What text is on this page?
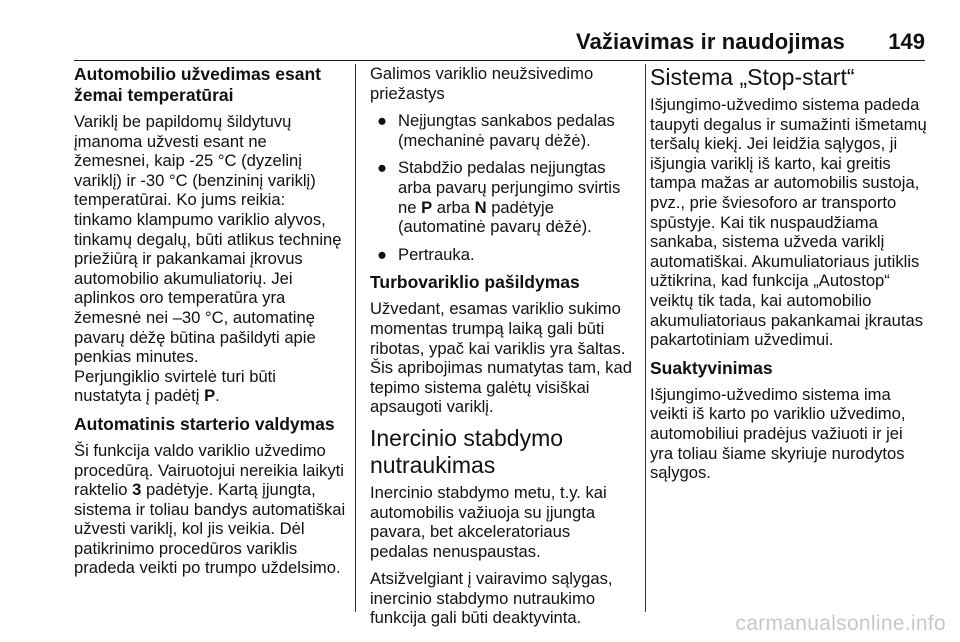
Važiavimas ir naudojimas 149
Automobilio užvedimas esant žemai temperatūrai

Variklį be papildomų šildytuvų įmanoma užvesti esant ne žemesnei, kaip -25 °C (dyzelinį variklį) ir -30 °C (benzininį variklį) temperatūrai. Ko jums reikia: tinkamo klampumo variklio alyvos, tinkamų degalų, būti atlikus techninę priežiūrą ir pakankamai įkrovus automobilio akumuliatorių. Jei aplinkos oro temperatūra yra žemesnė nei –30 °C, automatinę pavarų dėžę būtina pašildyti apie penkias minutes.

Perjungiklio svirtelė turi būti nustatyta į padėtį P.

Automatinis starterio valdymas

Ši funkcija valdo variklio užvedimo procedūrą. Vairuotojui nereikia laikyti raktelio 3 padėtyje. Kartą įjungta, sistema ir toliau bandys automatiškai užvesti variklį, kol jis veikia. Dėl patikrinimo procedūros variklis pradeda veikti po trumpo uždelsimo.

Galimos variklio neužsivedimo priežastys

● Neįjungtas sankabos pedalas (mechaninė pavarų dėžė).
● Stabdžio pedalas neįjungtas arba pavarų perjungimo svirtis ne P arba N padėtyje (automatinė pavarų dėžė).
● Pertrauka.
Turbovariklio pašildymas

Užvedant, esamas variklio sukimo momentas trumpą laiką gali būti ribotas, ypač kai variklis yra šaltas. Šis apribojimas numatytas tam, kad tepimo sistema galėtų visiškai apsaugoti variklį.

Inercinio stabdymo nutraukimas

Inercinio stabdymo metu, t.y. kai automobilis važiuoja su įjungta pavara, bet akceleratoriaus pedalas nenuspaustas.

Atsižvelgiant į vairavimo sąlygas, inercinio stabdymo nutraukimo funkcija gali būti deaktyvinta.

Sistema „Stop-start“

Išjungimo-užvedimo sistema padeda taupyti degalus ir sumažinti išmetamų teršalų kiekį. Jei leidžia sąlygos, ji išjungia variklį iš karto, kai greitis tampa mažas ar automobilis sustoja, pvz., prie šviesoforo ar transporto spūstyje. Kai tik nuspaudžiama sankaba, sistema užveda variklį automatiškai. Akumuliatoriaus jutiklis užtikrina, kad funkcija „Autostop“ veiktų tik tada, kai automobilio akumuliatoriaus pakankamai įkrautas pakartotiniam užvedimui.

Suaktyvinimas

Išjungimo-užvedimo sistema ima veikti iš karto po variklio užvedimo, automobiliui pradėjus važiuoti ir jei yra toliau šiame skyriuje nurodytos sąlygos.

carmanualsonline.info
